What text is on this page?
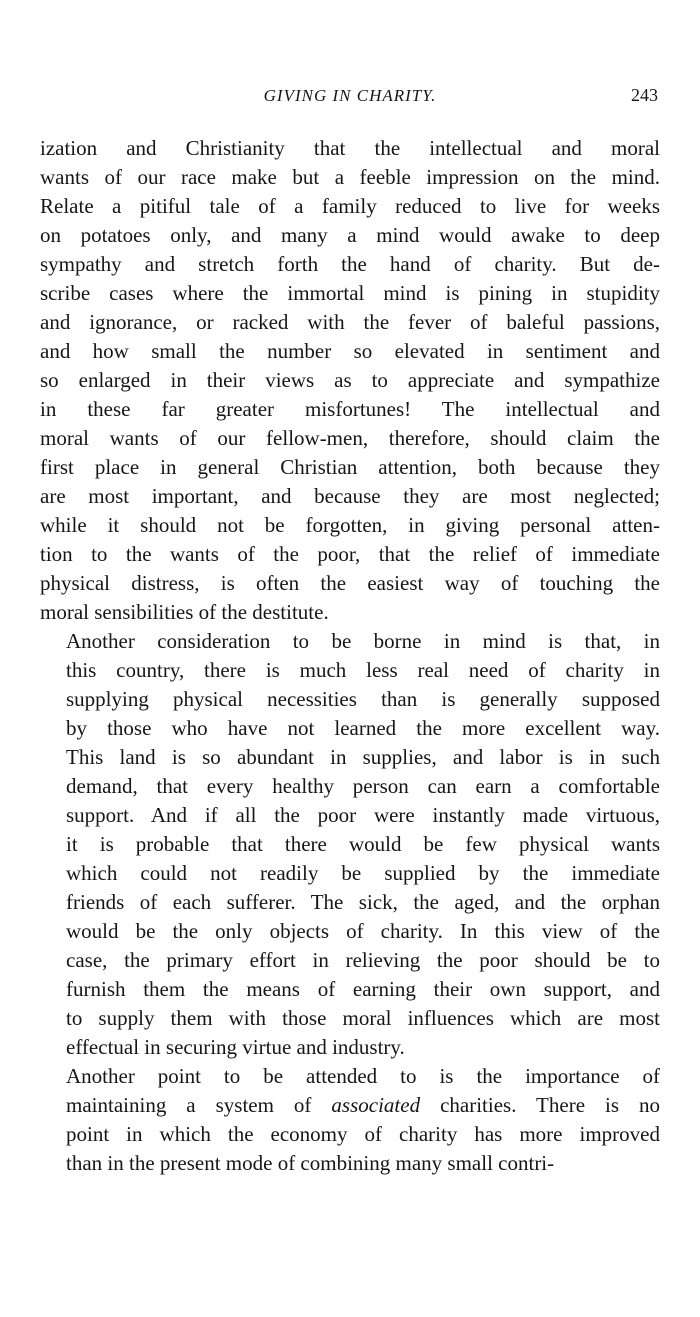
GIVING IN CHARITY.	243

ization and Christianity that the intellectual and moral
wants of our race make but a feeble impression on the mind.
Relate a pitiful tale of a family reduced to live for weeks
on potatoes only, and many a mind would awake to deep
sympathy and stretch forth the hand of charity. But de-
scribe cases where the immortal mind is pining in stupidity
and ignorance, or racked with the fever of baleful passions,
and how small the number so elevated in sentiment and
so enlarged in their views as to appreciate and sympathize
in these far greater misfortunes! The intellectual and
moral wants of our fellow-men, therefore, should claim the
first place in general Christian attention, both because they
are most important, and because they are most neglected;
while it should not be forgotten, in giving personal atten-
tion to the wants of the poor, that the relief of immediate
physical distress, is often the easiest way of touching the
moral sensibilities of the destitute.

Another consideration to be borne in mind is that, in
this country, there is much less real need of charity in
supplying physical necessities than is generally supposed
by those who have not learned the more excellent way.
This land is so abundant in supplies, and labor is in such
demand, that every healthy person can earn a comfortable
support. And if all the poor were instantly made virtuous,
it is probable that there would be few physical wants
which could not readily be supplied by the immediate
friends of each sufferer. The sick, the aged, and the orphan
would be the only objects of charity. In this view of the
case, the primary effort in relieving the poor should be to
furnish them the means of earning their own support, and
to supply them with those moral influences which are most
effectual in securing virtue and industry.

Another point to be attended to is the importance of
maintaining a system of associated charities. There is no
point in which the economy of charity has more improved
than in the present mode of combining many small contri-
